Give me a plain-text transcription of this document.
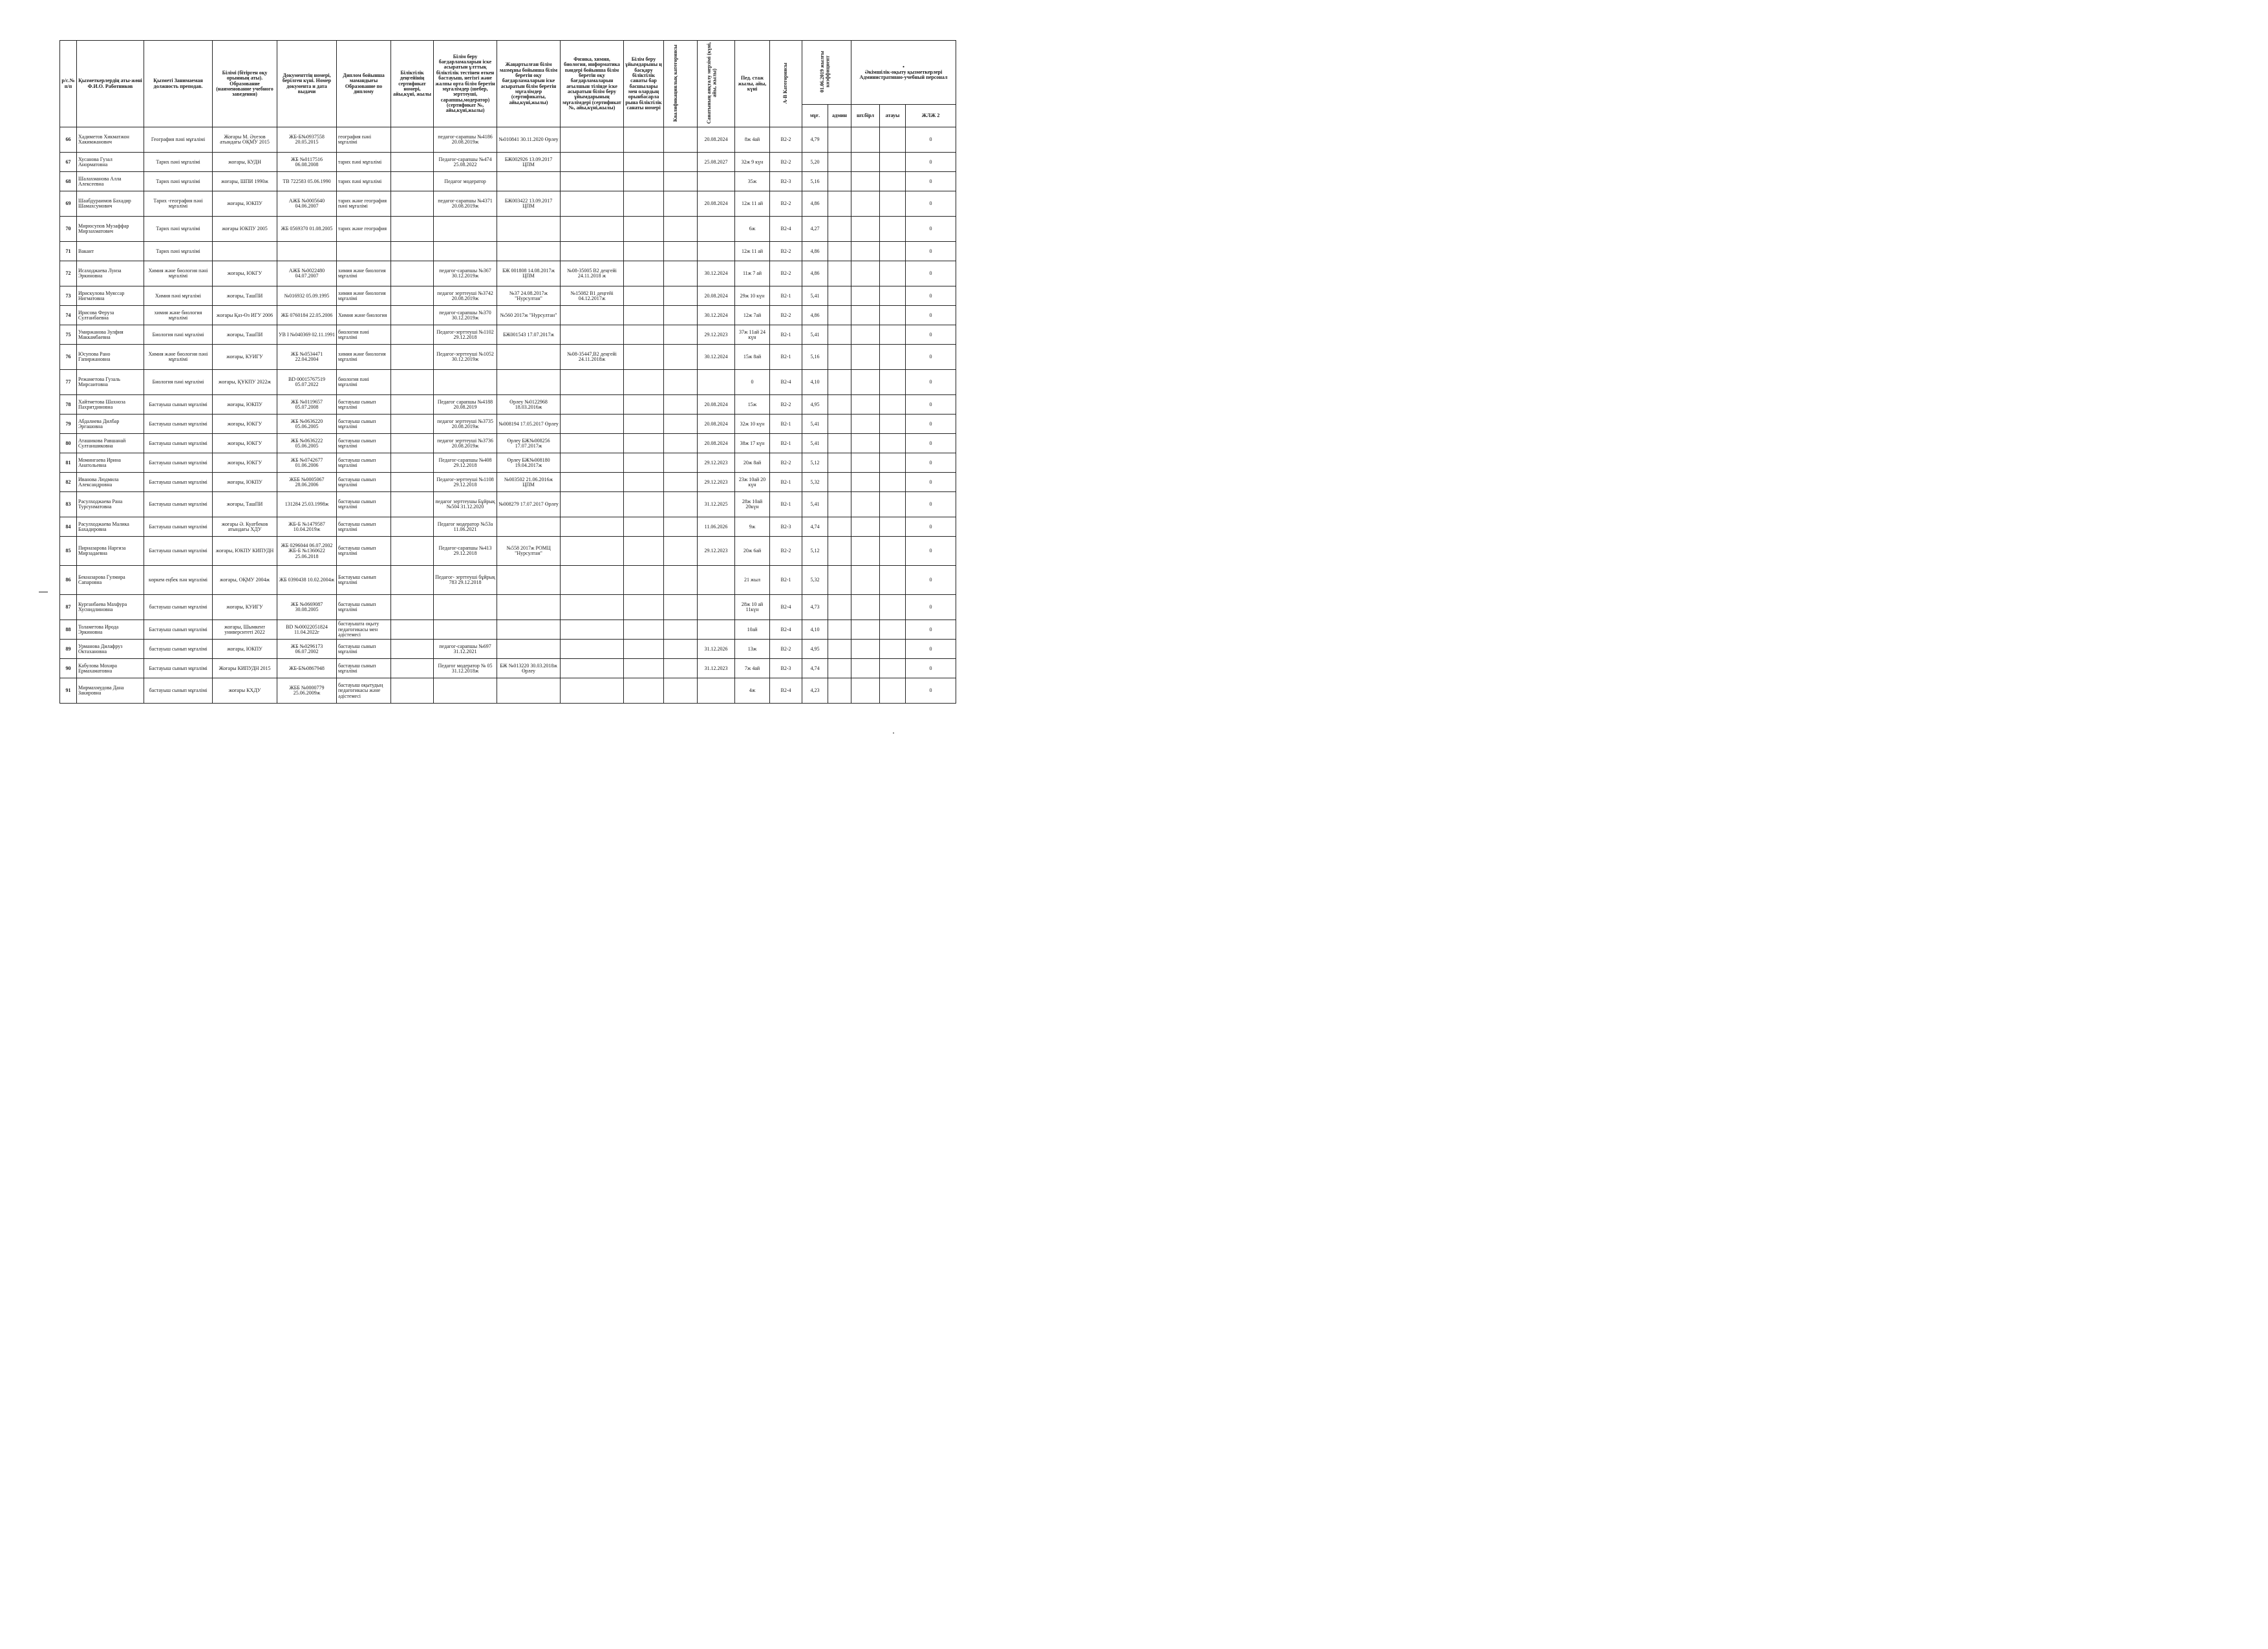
р/с.№ п/п	Қызметкерлердің аты-жөні Ф.И.О. Работников	Қызметі Занимаемая должность преподав.	Білімі (бітірген оқу орынның аты). Образование (наименование учебного заведения)	Документтің номері, берілген күні. Номер документа и дата выдачи	Диплом бойынша мамандығы Образование по диплому	Біліктілік деңгейінің сертификат номері, айы,күні, жылы	Білім беру бағдарламаларын іске асыратын ұлттық біліктілік тестінен өткен бастауыш, негізгі және жалпы орта білім беретін мұғалімдер (шебер, зерттеуші, сарапшы,модератор)(сертификат №, айы,күні,жылы)	Жаңартылған білім мазмұны бойынша білім беретін оқу бағдарламаларын іске асыратын білім беретін мұғалімдер (сертификаты, айы,күні,жылы)	Физика, химия, биология, информатика пәндері бойынша білім беретін оқу бағдарламаларын ағылшын тілінде іске асыратын білім беру ұйымдарының мұғалімдері (сертификат №, айы,күні,жылы)	Білім беру ұйымдарыны ң басқару біліктілік санаты бар басшылары мен олардың орынбасарла рына біліктілік санаты номері	Квалификациялық категориясы	Санатының аяқталу мерзімі (күні, айы, жылы)	Пед. стаж жылы, айы, күні	А-В Категориясы	01.06.2019 жылғы коэффициент		•
Әкімшілік-оқыту қызметкерлері Административно-учебный персонал		

															мұғ.	админ	шт.бірл	атауы	ЖЛЖ 2
66	Хадиметов Хикматжон Хакимжанович	География пәні мұғалімі	Жоғары М. Әуезов атындағы ОҚМУ 2015	ЖБ-Б№0937558 20.05.2015	география пәні мұғалімі		педагог-сарапшы №4186 20.08.2019ж	№010841 30.11.2020 Өрлеу				20.08.2024	8ж 4ай	В2-2	4,79				0
67	Хусанова Гузал Анорматовна	Тарих пәні мұғалімі	жоғары, КУДН	ЖБ №0117516 06.08.2008	тарих пәні мұғалімі		Педагог-сарапшы №474 25.08.2022	БЖ002926 13.09.2017 ЦПМ				25.08.2027	32ж 9 күн	В2-2	5,20				0
68	Шалахманова Алла Алексеевна	Тарих пәні мұғалімі	жоғары, ШПИ 1990ж	ТВ 722583 05.06.1990	тарих пәні мұғалімі		Педагог модератор						35ж	В2-3	5,16				0
69	Шаабдураимов Бахадир Шамахсумович	Тарих -география пәні мұғалімі	жоғары, ЮКПУ	АЖБ №0005640 04.06.2007	тарих және география пәні мұғалімі		педагог-сарапшы №4371 20.08.2019ж	БЖ003422 13.09.2017 ЦПМ				20.08.2024	12ж 11 ай	В2-2	4,86				0
70	Мирюсупов Музаффар Мирзахматович	Тарих пәні мұғалімі	жоғары ЮКПУ 2005	ЖБ 0569370 01.08.2005	тарих және география								6ж	В2-4	4,27				0
71	Вакант	Тарих пәні мұғалімі											12ж 11 ай	В2-2	4,86				0
72	Исаходжаева Луиза Эркиновна	Химия және биология пәні мұғалімі	жоғары, ЮКГУ	АЖБ №0022480 04.07.2007	химия және биология мұғалімі		педагог-сарапшы №367 30.12.2019ж	БЖ 001808 14.08.2017ж ЦПМ	№08-35005 В2 деңгейі 24.11.2018 ж			30.12.2024	11ж 7 ай	В2-2	4,86				0
73	Ирискулова Муяссар Нигматовна	Химия пәні мұғалімі	жоғары, ТашПИ	№016932 05.09.1995	химия және биология мұғалімі		педагог зерттеуші №3742 20.08.2019ж	№37 24.08.2017ж "Нурсултан"	№15082 В1 деңгейі 04.12.2017ж			20.08.2024	29ж 10 күн	В2-1	5,41				0
74	Ирисова Феруза Султанбаевна	химия және биология мұғалімі	жоғары Қаз-Өз ИГУ 2006	ЖБ 0760184 22.05.2006	Химия және биология		педагог-сарапшы №370 30.12.2019ж	№560 2017ж "Нурсултан"				30.12.2024	12ж 7ай	В2-2	4,86				0
75	Умиржанова Зулфия Маккамбаевна	Биология пәні мұғалімі	жоғары, ТашПИ	УВ I №040369 02.11.1991	биология пәні мұғалімі		Педагог-зерттеуші №1102 29.12.2018	БЖ001543 17.07.2017ж				29.12.2023	37ж 11ай 24 күн	В2-1	5,41				0
76	Юсупова Рано Гапиржановна	Химия және биология пәні мұғалімі	жоғары, КУИГУ	ЖБ №0534471 22.04.2004	химия және биология мұғалімі		Педагог-зерттеуші №1052 30.12.2019ж		№08-35447,В2 деңгейі 24.11.2018ж			30.12.2024	15ж 8ай	В2-1	5,16				0
77	Режаметова Гузаль Мирсаитовна	Биология пәні мұғалімі	жоғары, ҚҰКПУ 2022ж	ВD 00015767519 05.07.2022	биология пәні мұғалімі								0	В2-4	4,10				0
78	Хайтметова Шахноза Пахритдиновна	Бастауыш сынып мұғалімі	жоғары, ЮКПУ	ЖБ №0119657 05.07.2008	бастауыш сынып мұғалімі		Педагог сарапшы №4188 20.08.2019	Өрлеу №0122968 18.03.2016ж				20.08.2024	15ж	В2-2	4,95				0
79	Абдалиева Дилбар Эргашовна	Бастауыш сынып мұғалімі	жоғары, ЮКГУ	ЖБ №0636220 05.06.2005	бастауыш сынып мұғалімі		педагог зерттеуші №3735 20.08.2019ж	№008194 17.05.2017 Өрлеу				20.08.2024	32ж 10 күн	В2-1	5,41				0
80	Аташикова Равшанай Султаншиковна	Бастауыш сынып мұғалімі	жоғары, ЮКГУ	ЖБ №0636222 05.06.2005	бастауыш сынып мұғалімі		педагог зерттеуші №3736 20.08.2019ж	Өрлеу БЖ№008256 17.07.2017ж				20.08.2024	38ж 17 күн	В2-1	5,41				0
81	Момингаева Ирина Анатольевна	Бастауыш сынып мұғалімі	жоғары, ЮКГУ	ЖБ №0742677 01.06.2006	бастауыш сынып мұғалімі		Педагог-сарапшы №408 29.12.2018	Өрлеу БЖ№008180 19.04.2017ж				29.12.2023	20ж 8ай	В2-2	5,12				0
82	Иванова Людмила Александровна	Бастауыш сынып мұғалімі	жоғары, ЮКПУ	ЖББ №0005067 28.06.2006	бастауыш сынып мұғалімі		Педагог-зерттеуші №1108 29.12.2018	№003502 21.06.2016ж ЦПМ				29.12.2023	23ж 10ай 20 күн	В2-1	5,32				0
83	Расулходжаева Рана Турсунматовна	Бастауыш сынып мұғалімі	жоғары, ТашПИ	131284 25.03.1998ж	бастауыш сынып мұғалімі		педагог зерттеушы Бұйрық №504 31.12.2020	№008279 17.07.2017 Өрлеу				31.12.2025	28ж 10ай 20күн	В2-1	5,41				0
84	Расулходжаева Малика Бахадировна	Бастауыш сынып мұғалімі	жоғары Ә. Куатбеков атындағы ХДУ	ЖБ-Б №1479587 10.04.2019ж	бастауыш сынып мұғалімі		Педагог модератор №53а 11.06.2021					11.06.2026	9ж	В2-3	4,74				0
85	Пирназарова Наргиза Мирзадаевна	Бастауыш сынып мұғалімі	жоғары, ЮКПУ КИПУДН	ЖБ 0296044 06.07.2002 ЖБ-Б №1360622 25.06.2018	бастауыш сынып мұғалімі		Педагог-сарапшы №413 29.12.2018	№558 2017ж РОМЦ "Нурсултан"				29.12.2023	20ж 6ай	В2-2	5,12				0
86	Бекназарова Гулмира Сапаровна	көркем еңбек пән мұғалімі	жоғары, ОҚМУ 2004ж	ЖБ 0390438 10.02.2004ж	Бастауыш сынып мұғалімі		Педагог- зерттеуші бұйрық 783 29.12.2018						21 жыл	В2-1	5,32				0
87	Курганбаева Махфура Хуснидлиновна	бастауыш сынып мұғалімі	жоғары, КУИГУ	ЖБ №0669087 30.08.2005	бастауыш сынып мұғалімі								28ж 10 ай 11күн	В2-4	4,73				0
88	Толаметова Ирода Эркиновна	Бастауыш сынып мұғалімі	жоғары, Шымкент университеті 2022	ВD №00022051824 11.04.2022г	бастауышта оқыту педагогикасы мен әдістемесі								10ай	В2-4	4,10				0
89	Урманова Дилафруз Октахановна	бастауыш сынып мұғалімі	жоғары, ЮКПУ	ЖБ №0296173 06.07.2002	бастауыш сынып мұғалімі		педагог-сарапшы №697 31.12.2021					31.12.2026	13ж	В2-2	4,95				0
90	Кабулова Мохира Ермахаматовна	Бастауыш сынып мұғалімі	Жоғары КИПУДН 2015	ЖБ-Б№0867948	бастауыш сынып мұғалімі		Педагог модератор № 05 31.12.2018ж	БЖ №013220 30.03.2018ж Өрлеу				31.12.2023	7ж 4ай	В2-3	4,74				0
91	Мирмахмудова Дана Закировна	бастауыш сынып мұғалімі	жоғары КХДУ	ЖББ №0000779 25.06.2009ж	бастауыш оқытудың педагогикасы және әдістемесі								4ж	В2-4	4,23				0
